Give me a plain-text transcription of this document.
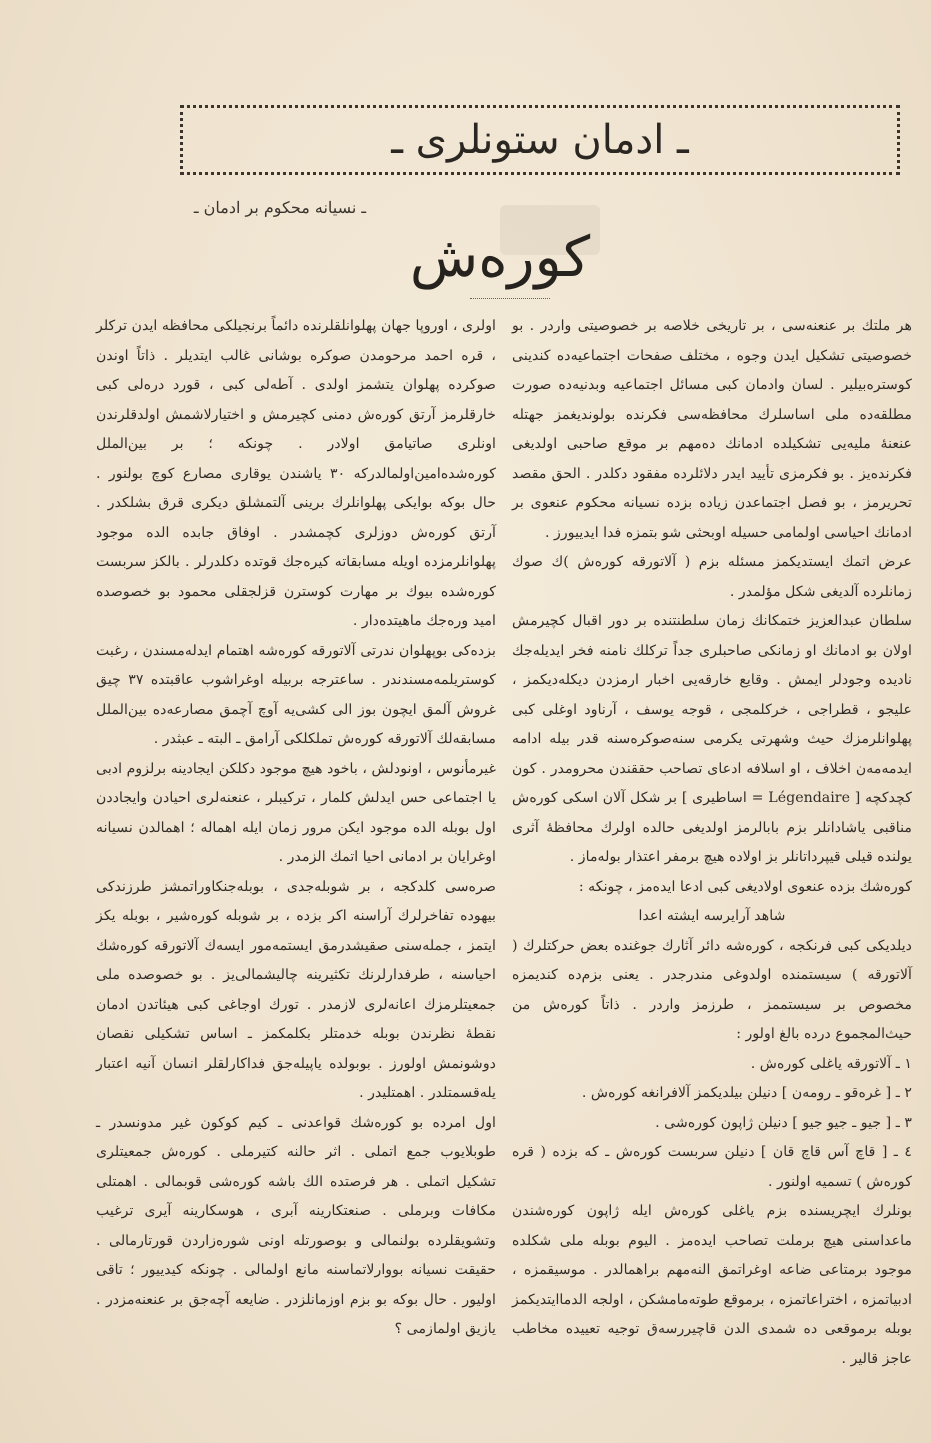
ـ ادمان ستونلری ـ
ـ نسیانه محکوم بر ادمان ـ
کورەش

هر ملتك بر عنعنه‌سی ، بر تاریخی خلاصه بر خصوصیتی واردر . بو خصوصیتی تشکیل ایدن وجوه ، مختلف صفحات اجتماعیه‌ده کندینی کوستره‌بیلیر . لسان وادمان کبی مسائل اجتماعیه وبدنیه‌ده صورت مطلقه‌ده ملی اساسلرك محافظه‌سی فکرنده بولوندیغمز جهتله عنعنهٔ ملیه‌یی تشکیلده ادمانك ده‌مهم بر موقع صاحبی اولدیغی فکرنده‌یز . بو فکرمزی تأیید ایدر دلائلرده مفقود دکلدر . الحق مقصد تحریرمز ، بو فصل اجتماعدن زیاده بزده نسیانه محکوم عنعوی بر ادمانك احیاسی اولمامی حسیله اوبحثی شو بتمزه فدا ایدییورز .

عرض اتمك ایستدیکمز مسئله بزم ( آلاتورقه کورەش )ك صوك زمانلرده آلدیغی شکل مؤلمدر .

سلطان عبدالعزیز ختمکانك زمان سلطنتنده بر دور اقبال کچیرمش اولان بو ادمانك او زمانکی صاحبلری جداً ترکلك نامنه فخر ایدیله‌جك نادیده وجودلر ایمش . وقایع خارقه‌یی اخبار ارمزدن دیکله‌دیکمز ، علیجو ، قطراجی ، خرکلمجی ، قوجه یوسف ، آرناود اوغلی کبی پهلوانلرمزك حیث وشهرتی یکرمی سنه‌صوکره‌سنه قدر بیله ادامه ایدمه‌مه‌ن اخلاف ، او اسلافه ادعای تصاحب حققندن محرومدر . کون کچدکچه [ Légendaire = اساطیری ] بر شکل آلان اسکی کورەش مناقبی یاشادانلر بزم بابالرمز اولدیغی حالده اولرك محافظهٔ آثری یولنده قیلی قیپرداتانلر بز اولاده هیچ برمفر اعتذار بوله‌ماز .

کورەشك بزده عنعوی اولادیغی کبی ادعا ایده‌مز ، چونکه :

شاهد آرایرسه ایشته اعدا

دیلدیکی کبی فرنکجه ، کورەشه دائر آثارك جوغنده بعض حرکتلرك ( آلاتورقه ) سیستمنده اولدوغی مندرجدر . یعنی بزم‌ده کندیمزه مخصوص بر سیستممز ، طرزمز واردر . ذاتاً کورەش من حیث‌المجموع درده بالغ اولور :

١ ـ آلاتورقه یاغلی کورەش .

٢ ـ [ غره‌قو ـ رومه‌ن ] دنیلن بیلدیکمز آلافرانغه کورەش .

٣ ـ [ جیو ـ جیو جیو ] دنیلن ژاپون کورەشی .

٤ ـ [ قاچ آس قاچ قان ] دنیلن سربست کورەش ـ که بزده ( قره کورەش ) تسمیه اولنور .

بونلرك ایچریسنده بزم یاغلی کورەش ایله ژاپون کورەشندن ماعداسنی هیچ برملت تصاحب ایده‌مز . الیوم بوبله ملی شکلده موجود برمتاعی ضاعه اوغراتمق النه‌مهم براهمالدر . موسیقمزه ، ادبیاتمزه ، اختراعاتمزه ، برموقع طوته‌مامشکن ، اولجه الدماایتدیکمز بوبله برموقعی ده شمدی الدن قاچیررسه‌ق توجیه تعییده مخاطب عاجز قالیر .

اولری ، اوروپا جهان پهلوانلقلرنده دائماً برنجیلکی محافظه ایدن ترکلر ، قره احمد مرحومدن صوکره بوشانی غالب ایتدیلر . ذاتاً اوندن صوکرده پهلوان یتشمز اولدی . آطه‌لی کبی ، قورد دره‌لی کبی خارقلرمز آرتق کورەش دمنی کچیرمش و اختیارلاشمش اولدقلرندن اونلری صاتیامق اولادر . چونکه ؛ بر بین‌الملل کوره‌شده‌امین‌اولمالدرکه ۳۰ یاشندن یوقاری مصارع کوچ بولنور . حال بوکه بوایکی پهلوانلرك برینی آلتمشلق دیکری قرق بشلکدر . آرتق کورەش دوزلری کچمشدر . اوفاق جابده الده موجود پهلوانلرمزده اویله مسابقاته کیره‌جك قوتده دکلدرلر . بالکز سربست کورەشده بیوك بر مهارت کوسترن قزلجقلی محمود بو خصوصده امید وره‌جك ماهیتده‌دار .

بزده‌کی بوپهلوان ندرتی آلاتورقه کورەشه اهتمام ایدله‌مسندن ، رغبت کوستریلمه‌مسندندر . ساعترجه بربیله اوغراشوب عاقبتده ۳۷ چیق غروش آلمق ایچون بوز الی کشی‌یه آوچ آچمق مصارعه‌ده بین‌الملل مسابقه‌لك آلاتورقه کورەش تملکلکی آرامق ـ البته ـ عبثدر .

غیرمأنوس ، اونودلش ، باخود هیچ موجود دکلکن ایجادینه برلزوم ادبی یا اجتماعی حس ایدلش کلمار ، ترکیبلر ، عنعنه‌لری احیادن وایجاددن اول بوبله الده موجود ایکن مرور زمان ایله اهماله ؛ اهمالدن نسیانه اوغرایان بر ادمانی احیا اتمك الزمدر .

صره‌سی کلدکجه ، بر شوبله‌جدی ، بوبله‌جنکاوراتمشز طرزندکی بیهوده تفاخرلرك آراسنه اکر بزده ، بر شوبله کوره‌شیر ، بوبله یکز ایتمز ، جمله‌سنی صقیشدرمق ایستمه‌مور ایسه‌ك آلاتورقه کورەشك احیاسنه ، طرفدارلرنك تکثیرینه چالیشمالی‌یز . بو خصوصده ملی جمعیتلرمزك اعانه‌لری لازمدر . تورك اوجاغی کبی هیئاتدن ادمان نقطهٔ نظرندن بوبله خدمتلر بکلمکمز ـ اساس تشکیلی نقصان دوشونمش اولورز . بوبولده یاپیله‌جق فداکارلقلر انسان آنیه اعتبار یله‌قسمتلدر . اهمتلیدر .

اول امرده بو کورەشك قواعدنی ـ کیم کوکون غیر مدونسدر ـ طوبلایوب جمع اتملی . اثر حالنه کتیرملی . کورەش جمعیتلری تشکیل اتملی . هر فرصتده الك باشه کوره‌شی قوبمالی . اهمتلی مکافات وبرملی . صنعتکارینه آبری ، هوسکارینه آیری ترغیب وتشویقلرده بولنمالی و بوصورتله اونی شورەزاردن قورتارمالی . حقیقت نسیانه بووارلاتماسنه مانع اولمالی . چونکه کیدییور ؛ تاقی اولیور . حال بوکه بو بزم اوزمانلزدر . ضایعه آچه‌جق بر عنعنه‌مزدر . یازیق اولمازمی ؟
